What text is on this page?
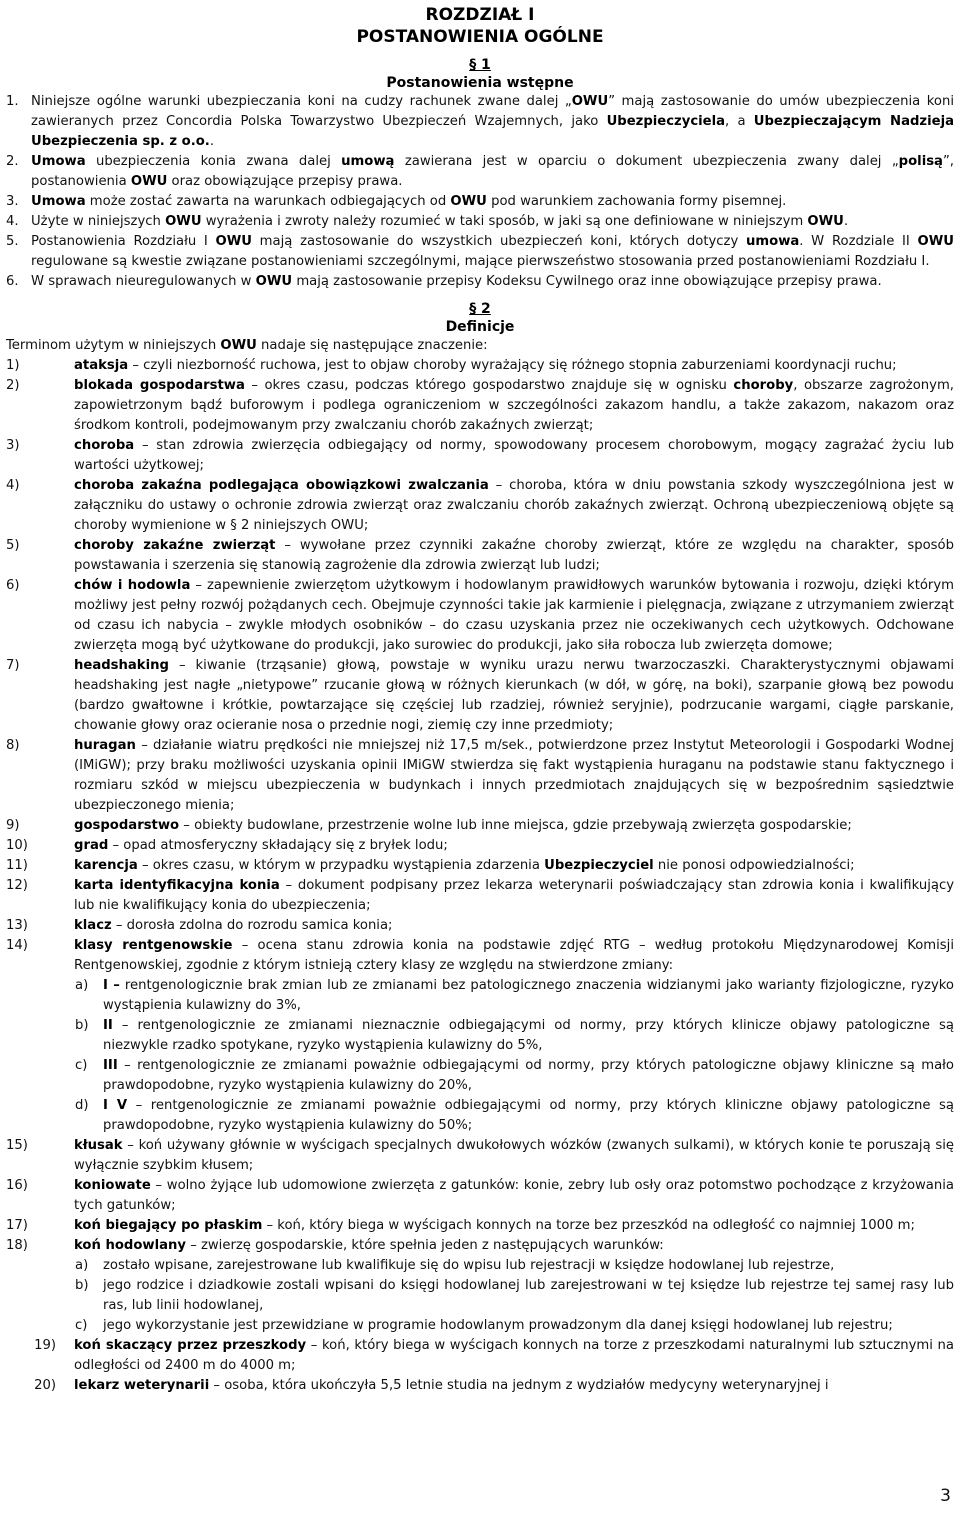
ROZDZIAŁ I
POSTANOWIENIA OGÓLNE
§ 1
Postanowienia wstępne
1. Niniejsze ogólne warunki ubezpieczania koni na cudzy rachunek zwane dalej „OWU” mają zastosowanie do umów ubezpieczenia koni zawieranych przez Concordia Polska Towarzystwo Ubezpieczeń Wzajemnych, jako Ubezpieczyciela, a Ubezpieczającym Nadzieja Ubezpieczenia sp. z o.o..
2. Umowa ubezpieczenia konia zwana dalej umową zawierana jest w oparciu o dokument ubezpieczenia zwany dalej „polisą”, postanowienia OWU oraz obowiązujące przepisy prawa.
3. Umowa może zostać zawarta na warunkach odbiegających od OWU pod warunkiem zachowania formy pisemnej.
4. Użyte w niniejszych OWU wyrażenia i zwroty należy rozumieć w taki sposób, w jaki są one definiowane w niniejszym OWU.
5. Postanowienia Rozdziału I OWU mają zastosowanie do wszystkich ubezpieczeń koni, których dotyczy umowa. W Rozdziale II OWU regulowane są kwestie związane postanowieniami szczególnymi, mające pierwszeństwo stosowania przed postanowieniami Rozdziału I.
6. W sprawach nieuregulowanych w OWU mają zastosowanie przepisy Kodeksu Cywilnego oraz inne obowiązujące przepisy prawa.
§ 2
Definicje
Terminom użytym w niniejszych OWU nadaje się następujące znaczenie:
1)	ataksja – czyli niezborność ruchowa, jest to objaw choroby wyrażający się różnego stopnia zaburzeniami koordynacji ruchu;
2)	blokada gospodarstwa – okres czasu, podczas którego gospodarstwo znajduje się w ognisku choroby, obszarze zagrożonym, zapowietrzonym bądź buforowym i podlega ograniczeniom w szczególności zakazom handlu, a także zakazom, nakazom oraz środkom kontroli, podejmowanym przy zwalczaniu chorób zakaźnych zwierząt;
3)	choroba – stan zdrowia zwierzęcia odbiegający od normy, spowodowany procesem chorobowym, mogący zagrażać życiu lub wartości użytkowej;
4)	choroba zakaźna podlegająca obowiązkowi zwalczania – choroba, która w dniu powstania szkody wyszczególniona jest w załączniku do ustawy o ochronie zdrowia zwierząt oraz zwalczaniu chorób zakaźnych zwierząt. Ochroną ubezpieczeniową objęte są choroby wymienione w § 2 niniejszych OWU;
5)	choroby zakaźne zwierząt – wywołane przez czynniki zakaźne choroby zwierząt, które ze względu na charakter, sposób powstawania i szerzenia się stanowią zagrożenie dla zdrowia zwierząt lub ludzi;
6)	chów i hodowla – zapewnienie zwierzętom użytkowym i hodowlanym prawidłowych warunków bytowania i rozwoju, dzięki którym możliwy jest pełny rozwój pożądanych cech. Obejmuje czynności takie jak karmienie i pielęgnacja, związane z utrzymaniem zwierząt od czasu ich nabycia – zwykle młodych osobników – do czasu uzyskania przez nie oczekiwanych cech użytkowych. Odchowane zwierzęta mogą być użytkowane do produkcji, jako surowiec do produkcji, jako siła robocza lub zwierzęta domowe;
7)	headshaking – kiwanie (trząsanie) głową, powstaje w wyniku urazu nerwu twarzoczaszki. Charakterystycznymi objawami headshaking jest nagłe „nietypowe” rzucanie głową w różnych kierunkach (w dół, w górę, na boki), szarpanie głową bez powodu (bardzo gwałtowne i krótkie, powtarzające się częściej lub rzadziej, również seryjnie), podrzucanie wargami, ciągłe parskanie, chowanie głowy oraz ocieranie nosa o przednie nogi, ziemię czy inne przedmioty;
8)	huragan – działanie wiatru prędkości nie mniejszej niż 17,5 m/sek., potwierdzone przez Instytut Meteorologii i Gospodarki Wodnej (IMiGW); przy braku możliwości uzyskania opinii IMiGW stwierdza się fakt wystąpienia huraganu na podstawie stanu faktycznego i rozmiaru szkód w miejscu ubezpieczenia w budynkach i innych przedmiotach znajdujących się w bezpośrednim sąsiedztwie ubezpieczonego mienia;
9)	gospodarstwo – obiekty budowlane, przestrzenie wolne lub inne miejsca, gdzie przebywają zwierzęta gospodarskie;
10)	grad – opad atmosferyczny składający się z bryłek lodu;
11)	karencja – okres czasu, w którym w przypadku wystąpienia zdarzenia Ubezpieczyciel nie ponosi odpowiedzialności;
12)	karta identyfikacyjna konia – dokument podpisany przez lekarza weterynarii poświadczający stan zdrowia konia i kwalifikujący lub nie kwalifikujący konia do ubezpieczenia;
13)	klacz – dorosła zdolna do rozrodu samica konia;
14)	klasy rentgenowskie – ocena stanu zdrowia konia na podstawie zdjęć RTG – według protokołu Międzynarodowej Komisji Rentgenowskiej, zgodnie z którym istnieją cztery klasy ze względu na stwierdzone zmiany:
a)	I – rentgenologicznie brak zmian lub ze zmianami bez patologicznego znaczenia widzianymi jako warianty fizjologiczne, ryzyko wystąpienia kulawizny do 3%,
b)	II – rentgenologicznie ze zmianami nieznacznie odbiegającymi od normy, przy których klinicze objawy patologiczne są niezwykle rzadko spotykane, ryzyko wystąpienia kulawizny do 5%,
c)	III – rentgenologicznie ze zmianami poważnie odbiegającymi od normy, przy których patologiczne objawy kliniczne są mało prawdopodobne, ryzyko wystąpienia kulawizny do 20%,
d)	I V – rentgenologicznie ze zmianami poważnie odbiegającymi od normy, przy których kliniczne objawy patologiczne są prawdopodobne, ryzyko wystąpienia kulawizny do 50%;
15)	kłusak – koń używany głównie w wyścigach specjalnych dwukołowych wózków (zwanych sulkami), w których konie te poruszają się wyłącznie szybkim kłusem;
16)	koniowate – wolno żyjące lub udomowione zwierzęta z gatunków: konie, zebry lub osły oraz potomstwo pochodzące z krzyżowania tych gatunków;
17)	koń biegający po płaskim – koń, który biega w wyścigach konnych na torze bez przeszkód na odległość co najmniej 1000 m;
18)	koń hodowlany – zwierzę gospodarskie, które spełnia jeden z następujących warunków:
a)	zostało wpisane, zarejestrowane lub kwalifikuje się do wpisu lub rejestracji w księdze hodowlanej lub rejestrze,
b)	jego rodzice i dziadkowie zostali wpisani do księgi hodowlanej lub zarejestrowani w tej księdze lub rejestrze tej samej rasy lub ras, lub linii hodowlanej,
c)	jego wykorzystanie jest przewidziane w programie hodowlanym prowadzonym dla danej księgi hodowlanej lub rejestru;
19)	koń skaczący przez przeszkody – koń, który biega w wyścigach konnych na torze z przeszkodami naturalnymi lub sztucznymi na odległości od 2400 m do 4000 m;
20)	lekarz weterynarii – osoba, która ukończyła 5,5 letnie studia na jednym z wydziałów medycyny weterynaryjnej i
3
